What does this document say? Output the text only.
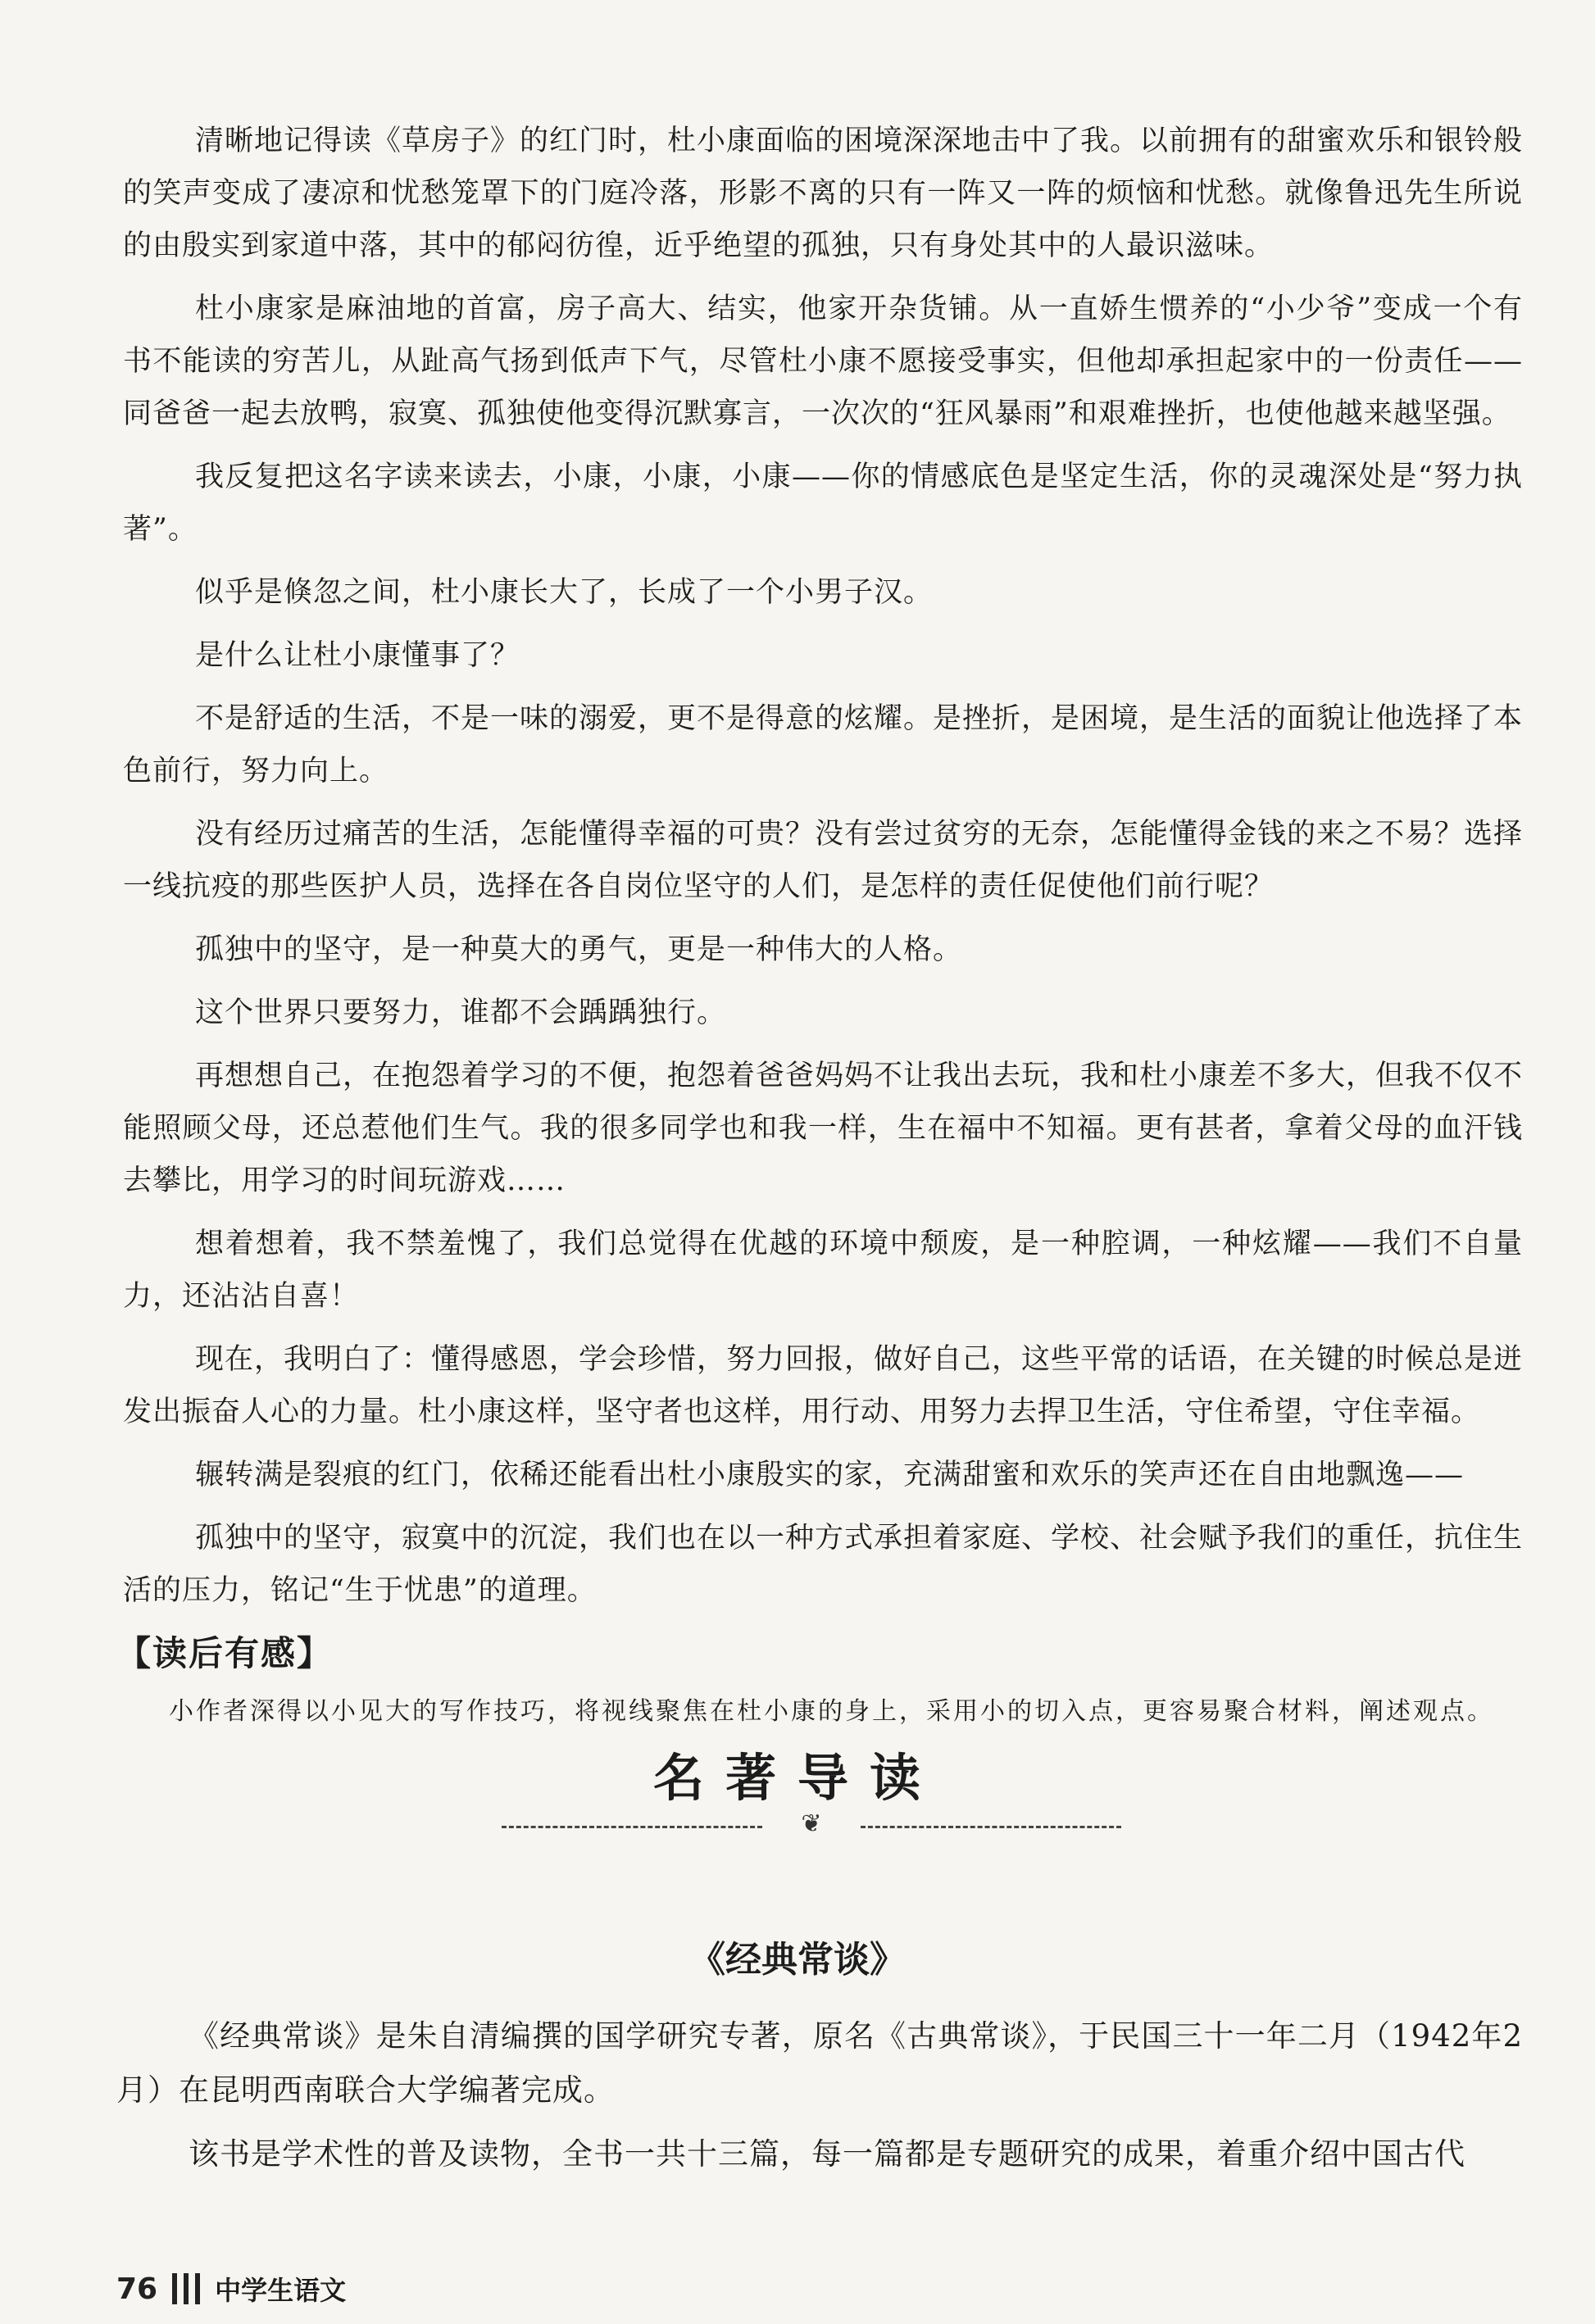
清晰地记得读《草房子》的红门时，杜小康面临的困境深深地击中了我。以前拥有的甜蜜欢乐和银铃般的笑声变成了凄凉和忧愁笼罩下的门庭冷落，形影不离的只有一阵又一阵的烦恼和忧愁。就像鲁迅先生所说的由殷实到家道中落，其中的郁闷彷徨，近乎绝望的孤独，只有身处其中的人最识滋味。

杜小康家是麻油地的首富，房子高大、结实，他家开杂货铺。从一直娇生惯养的“小少爷”变成一个有书不能读的穷苦儿，从趾高气扬到低声下气，尽管杜小康不愿接受事实，但他却承担起家中的一份责任——同爸爸一起去放鸭，寂寞、孤独使他变得沉默寡言，一次次的“狂风暴雨”和艰难挫折，也使他越来越坚强。

我反复把这名字读来读去，小康，小康，小康——你的情感底色是坚定生活，你的灵魂深处是“努力执著”。

似乎是倏忽之间，杜小康长大了，长成了一个小男子汉。

是什么让杜小康懂事了？

不是舒适的生活，不是一味的溺爱，更不是得意的炫耀。是挫折，是困境，是生活的面貌让他选择了本色前行，努力向上。

没有经历过痛苦的生活，怎能懂得幸福的可贵？没有尝过贫穷的无奈，怎能懂得金钱的来之不易？选择一线抗疫的那些医护人员，选择在各自岗位坚守的人们，是怎样的责任促使他们前行呢？

孤独中的坚守，是一种莫大的勇气，更是一种伟大的人格。

这个世界只要努力，谁都不会踽踽独行。

再想想自己，在抱怨着学习的不便，抱怨着爸爸妈妈不让我出去玩，我和杜小康差不多大，但我不仅不能照顾父母，还总惹他们生气。我的很多同学也和我一样，生在福中不知福。更有甚者，拿着父母的血汗钱去攀比，用学习的时间玩游戏……

想着想着，我不禁羞愧了，我们总觉得在优越的环境中颓废，是一种腔调，一种炫耀——我们不自量力，还沾沾自喜！

现在，我明白了：懂得感恩，学会珍惜，努力回报，做好自己，这些平常的话语，在关键的时候总是迸发出振奋人心的力量。杜小康这样，坚守者也这样，用行动、用努力去捍卫生活，守住希望，守住幸福。

辗转满是裂痕的红门，依稀还能看出杜小康殷实的家，充满甜蜜和欢乐的笑声还在自由地飘逸——

孤独中的坚守，寂寞中的沉淀，我们也在以一种方式承担着家庭、学校、社会赋予我们的重任，抗住生活的压力，铭记“生于忧患”的道理。

【读后有感】

小作者深得以小见大的写作技巧，将视线聚焦在杜小康的身上，采用小的切入点，更容易聚合材料，阐述观点。

名著导读
❦
《经典常谈》

《经典常谈》是朱自清编撰的国学研究专著，原名《古典常谈》，于民国三十一年二月（1942年2月）在昆明西南联合大学编著完成。

该书是学术性的普及读物，全书一共十三篇，每一篇都是专题研究的成果，着重介绍中国古代

76 中学生语文
